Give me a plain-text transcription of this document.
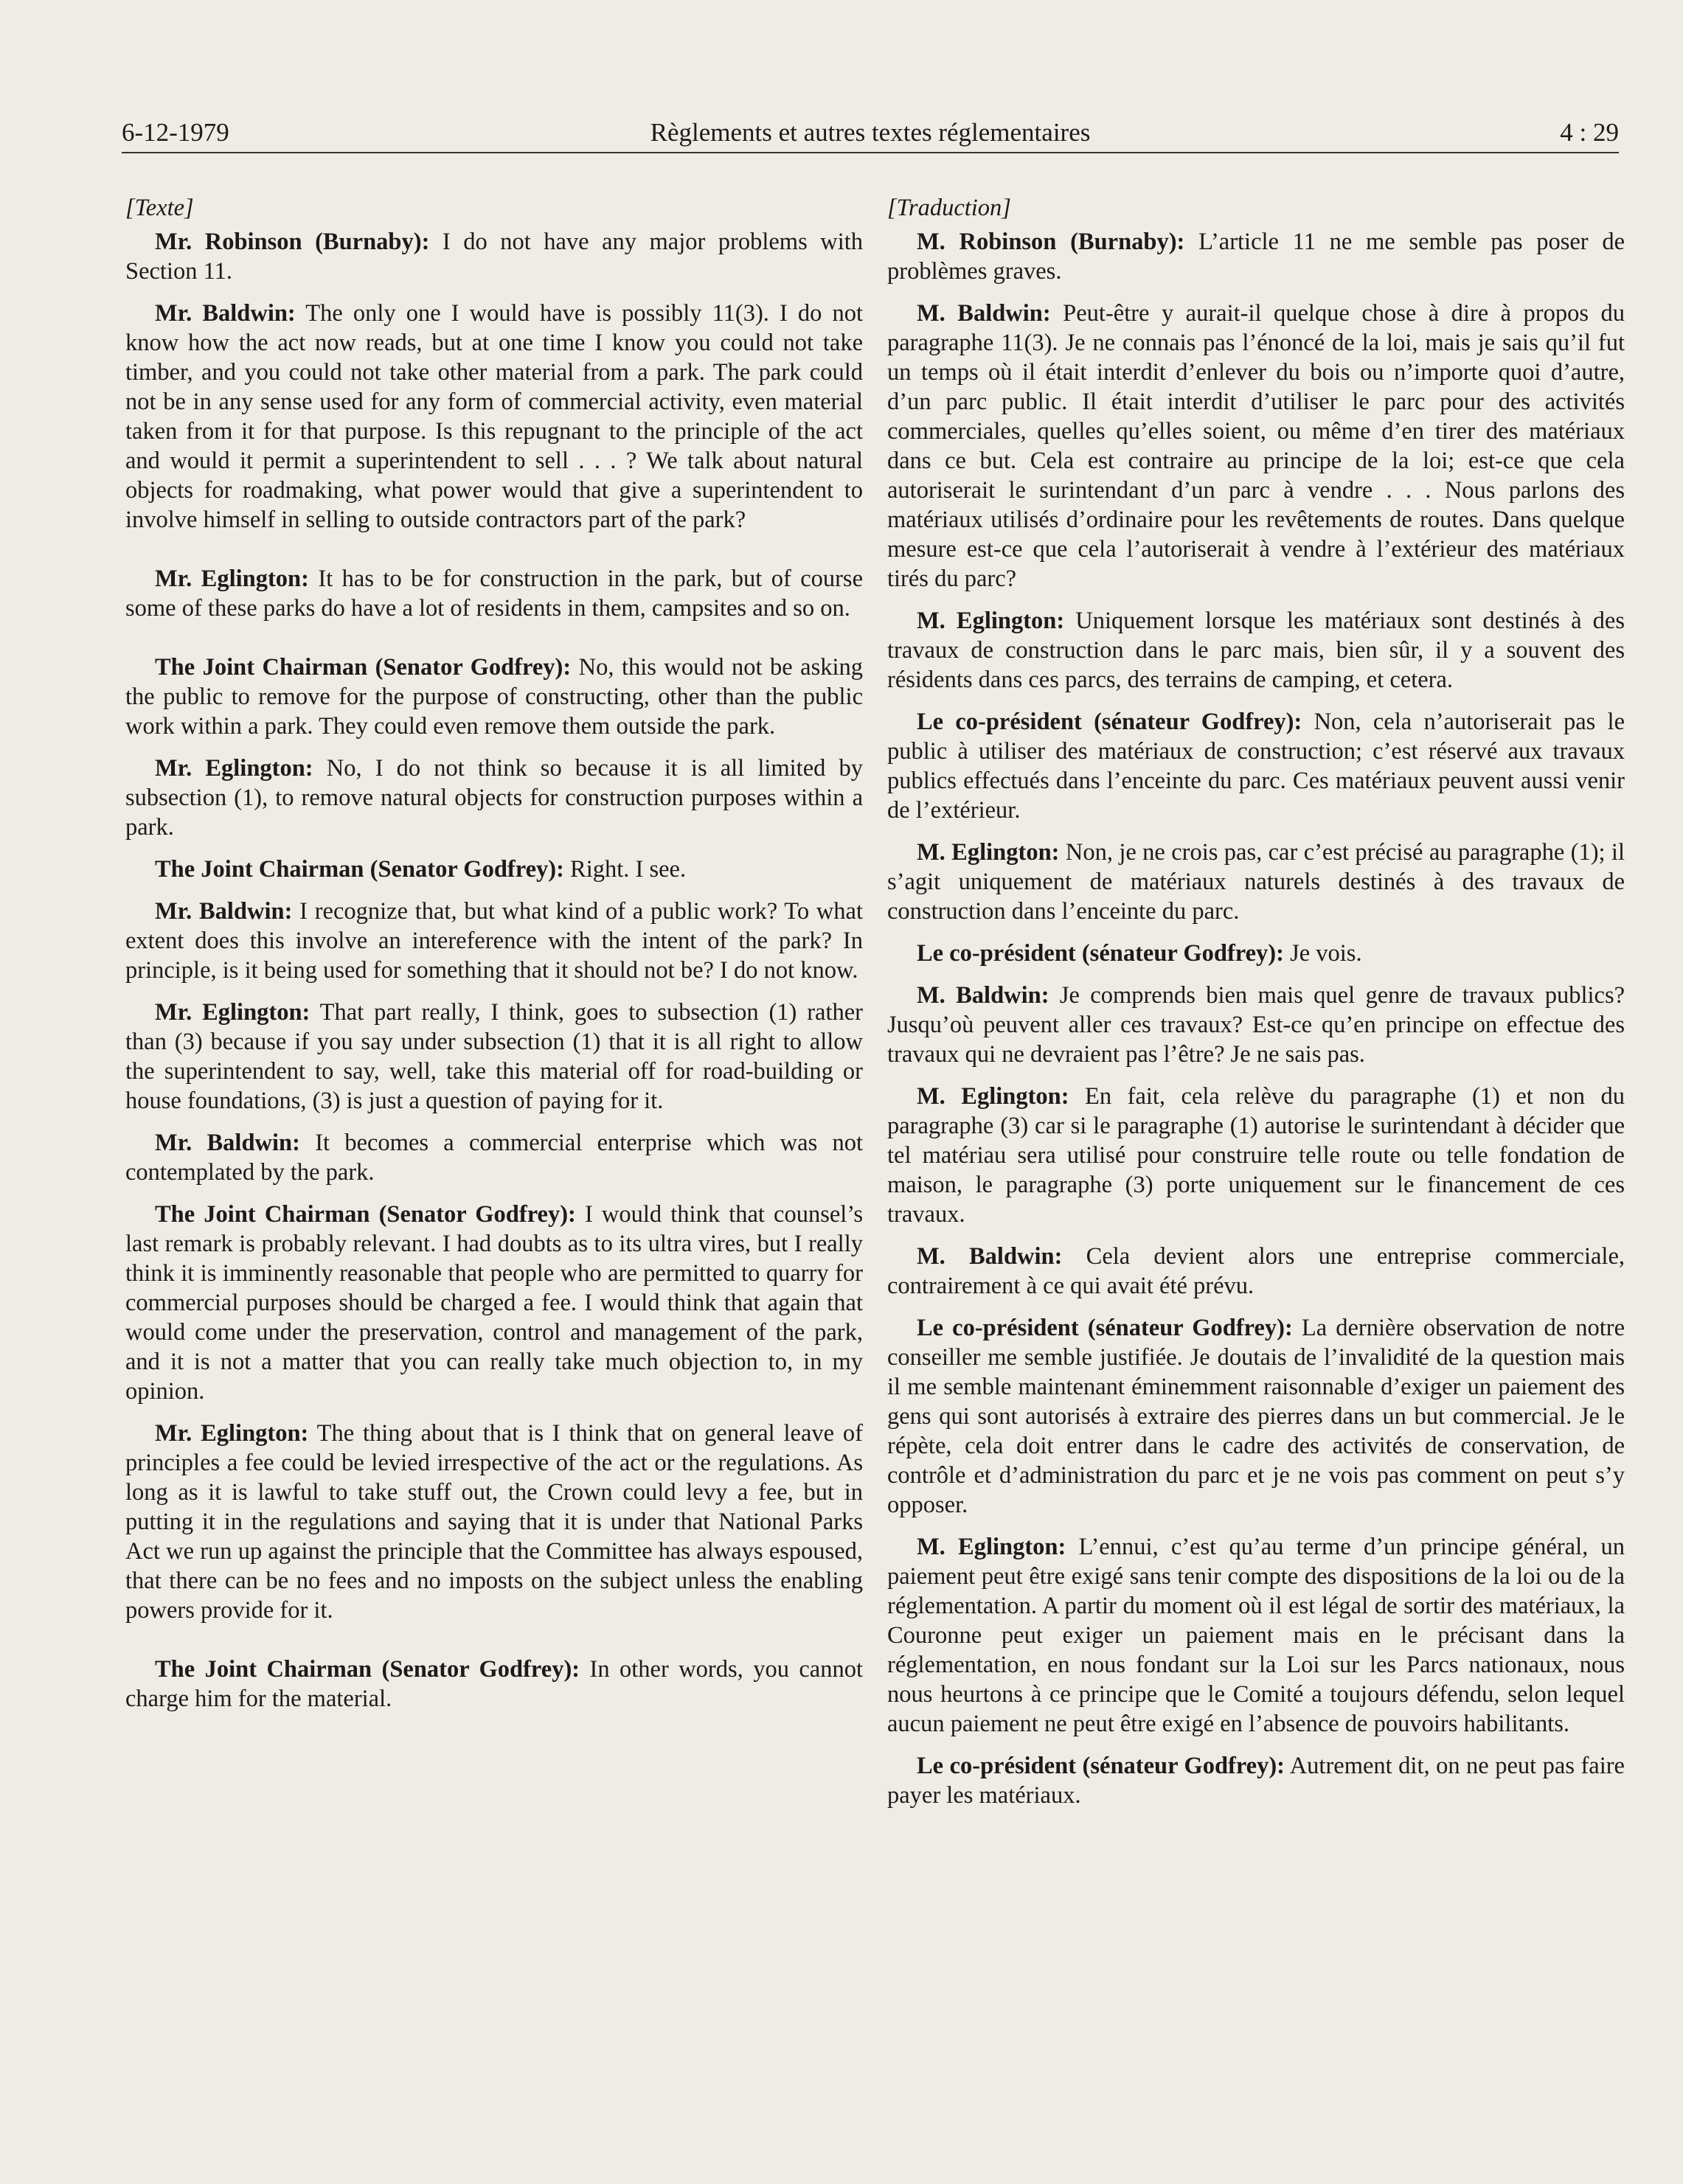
6-12-1979	Règlements et autres textes réglementaires	4 : 29
[Texte]

Mr. Robinson (Burnaby): I do not have any major problems with Section 11.

Mr. Baldwin: The only one I would have is possibly 11(3). I do not know how the act now reads, but at one time I know you could not take timber, and you could not take other material from a park. The park could not be in any sense used for any form of commercial activity, even material taken from it for that purpose. Is this repugnant to the principle of the act and would it permit a superintendent to sell . . . ? We talk about natural objects for roadmaking, what power would that give a superintendent to involve himself in selling to outside contractors part of the park?

Mr. Eglington: It has to be for construction in the park, but of course some of these parks do have a lot of residents in them, campsites and so on.

The Joint Chairman (Senator Godfrey): No, this would not be asking the public to remove for the purpose of constructing, other than the public work within a park. They could even remove them outside the park.

Mr. Eglington: No, I do not think so because it is all limited by subsection (1), to remove natural objects for construction purposes within a park.

The Joint Chairman (Senator Godfrey): Right. I see.

Mr. Baldwin: I recognize that, but what kind of a public work? To what extent does this involve an intereference with the intent of the park? In principle, is it being used for something that it should not be? I do not know.

Mr. Eglington: That part really, I think, goes to subsection (1) rather than (3) because if you say under subsection (1) that it is all right to allow the superintendent to say, well, take this material off for road-building or house foundations, (3) is just a question of paying for it.

Mr. Baldwin: It becomes a commercial enterprise which was not contemplated by the park.

The Joint Chairman (Senator Godfrey): I would think that counsel’s last remark is probably relevant. I had doubts as to its ultra vires, but I really think it is imminently reasonable that people who are permitted to quarry for commercial purposes should be charged a fee. I would think that again that would come under the preservation, control and management of the park, and it is not a matter that you can really take much objection to, in my opinion.

Mr. Eglington: The thing about that is I think that on general leave of principles a fee could be levied irrespective of the act or the regulations. As long as it is lawful to take stuff out, the Crown could levy a fee, but in putting it in the regulations and saying that it is under that National Parks Act we run up against the principle that the Committee has always espoused, that there can be no fees and no imposts on the subject unless the enabling powers provide for it.

The Joint Chairman (Senator Godfrey): In other words, you cannot charge him for the material.

[Traduction]

M. Robinson (Burnaby): L’article 11 ne me semble pas poser de problèmes graves.

M. Baldwin: Peut-être y aurait-il quelque chose à dire à propos du paragraphe 11(3). Je ne connais pas l’énoncé de la loi, mais je sais qu’il fut un temps où il était interdit d’enlever du bois ou n’importe quoi d’autre, d’un parc public. Il était interdit d’utiliser le parc pour des activités commerciales, quelles qu’elles soient, ou même d’en tirer des matériaux dans ce but. Cela est contraire au principe de la loi; est-ce que cela autoriserait le surintendant d’un parc à vendre . . . Nous parlons des matériaux utilisés d’ordinaire pour les revêtements de routes. Dans quelque mesure est-ce que cela l’autoriserait à vendre à l’extérieur des matériaux tirés du parc?

M. Eglington: Uniquement lorsque les matériaux sont destinés à des travaux de construction dans le parc mais, bien sûr, il y a souvent des résidents dans ces parcs, des terrains de camping, et cetera.

Le co-président (sénateur Godfrey): Non, cela n’autoriserait pas le public à utiliser des matériaux de construction; c’est réservé aux travaux publics effectués dans l’enceinte du parc. Ces matériaux peuvent aussi venir de l’extérieur.

M. Eglington: Non, je ne crois pas, car c’est précisé au paragraphe (1); il s’agit uniquement de matériaux naturels destinés à des travaux de construction dans l’enceinte du parc.

Le co-président (sénateur Godfrey): Je vois.

M. Baldwin: Je comprends bien mais quel genre de travaux publics? Jusqu’où peuvent aller ces travaux? Est-ce qu’en principe on effectue des travaux qui ne devraient pas l’être? Je ne sais pas.

M. Eglington: En fait, cela relève du paragraphe (1) et non du paragraphe (3) car si le paragraphe (1) autorise le surintendant à décider que tel matériau sera utilisé pour construire telle route ou telle fondation de maison, le paragraphe (3) porte uniquement sur le financement de ces travaux.

M. Baldwin: Cela devient alors une entreprise commerciale, contrairement à ce qui avait été prévu.

Le co-président (sénateur Godfrey): La dernière observation de notre conseiller me semble justifiée. Je doutais de l’invalidité de la question mais il me semble maintenant éminemment raisonnable d’exiger un paiement des gens qui sont autorisés à extraire des pierres dans un but commercial. Je le répète, cela doit entrer dans le cadre des activités de conservation, de contrôle et d’administration du parc et je ne vois pas comment on peut s’y opposer.

M. Eglington: L’ennui, c’est qu’au terme d’un principe général, un paiement peut être exigé sans tenir compte des dispositions de la loi ou de la réglementation. A partir du moment où il est légal de sortir des matériaux, la Couronne peut exiger un paiement mais en le précisant dans la réglementation, en nous fondant sur la Loi sur les Parcs nationaux, nous nous heurtons à ce principe que le Comité a toujours défendu, selon lequel aucun paiement ne peut être exigé en l’absence de pouvoirs habilitants.

Le co-président (sénateur Godfrey): Autrement dit, on ne peut pas faire payer les matériaux.
